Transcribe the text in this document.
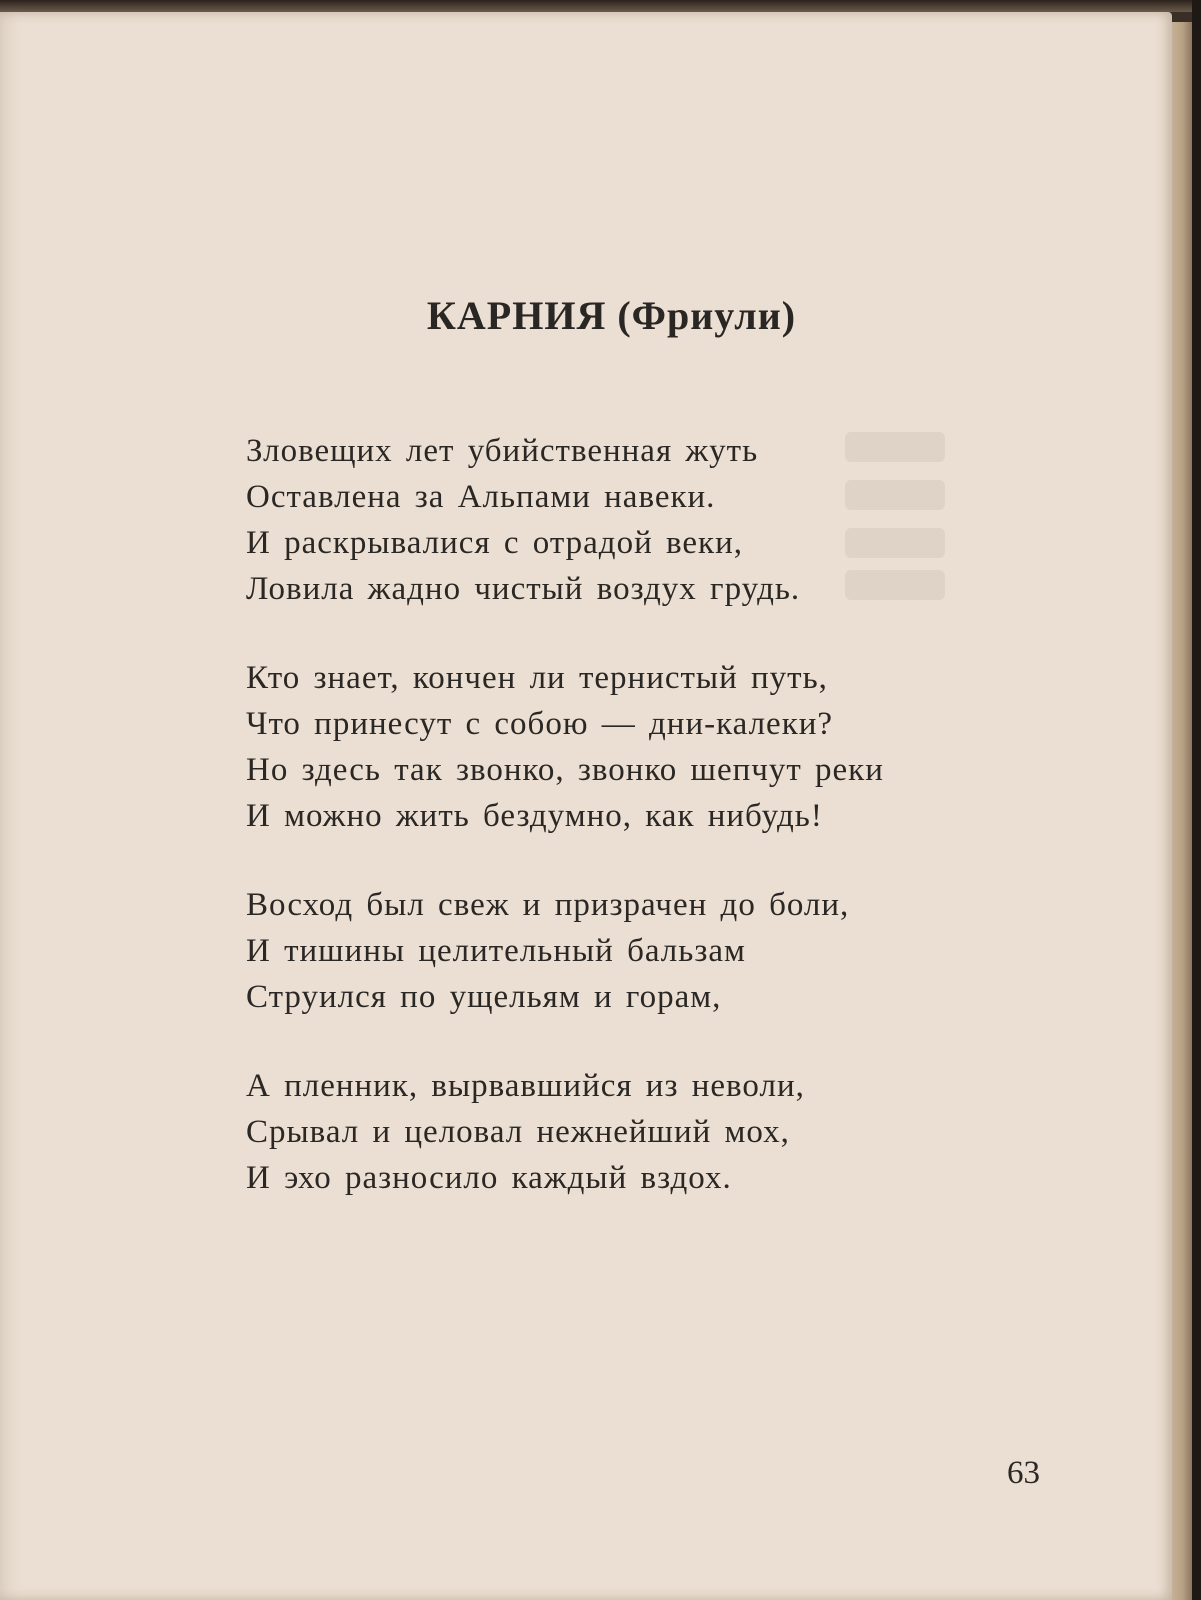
КАРНИЯ (Фриули)
Зловещих лет убийственная жуть
Оставлена за Альпами навеки.
И раскрывалися с отрадой веки,
Ловила жадно чистый воздух грудь.
Кто знает, кончен ли тернистый путь,
Что принесут с собою — дни-калеки?
Но здесь так звонко, звонко шепчут реки
И можно жить бездумно, как нибудь!
Восход был свеж и призрачен до боли,
И тишины целительный бальзам
Струился по ущельям и горам,
А пленник, вырвавшийся из неволи,
Срывал и целовал нежнейший мох,
И эхо разносило каждый вздох.
63
